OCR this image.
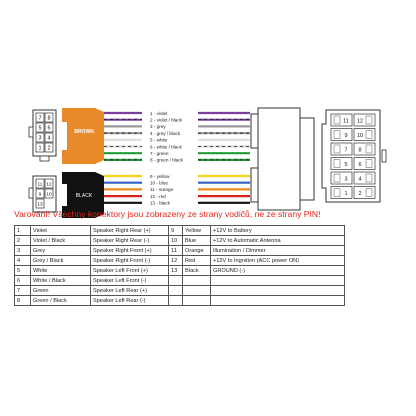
7 8
5 6
3 4
1 2
11 12
9 10
13
BROWN
BLACK
1 - violet
2 - violet / black
3 - grey
4 - grey / black
5 - white
6 - white / black
7 - green
8 - green / black
9 - yellow
10 - blue
11 - orange
12 - red
13 - black
11 12
9 10
7 8
5 6
3 4
1 2
Varování! Všechny konektory jsou zobrazeny ze strany vodičů, ne ze strany PIN!
1	Violet	Speaker Right Rear (+)	9	Yellow	+12V to Battery
2	Violet / Black	Speaker Right Rear (-)	10	Blue	+12V to Automatic Antenna
3	Grey	Speaker Right Front (+)	11	Orange	Illumination / Dimmer
4	Grey / Black	Speaker Right Front (-)	12	Red	+12V to Ingnition (ACC power ON)
5	White	Speaker Left Front (+)	13	Black	GROUND (-)
6	White / Black	Speaker Left Front (-)			
7	Green	Speaker Left Rear (+)			
8	Green / Black	Speaker Left Rear (-)			
